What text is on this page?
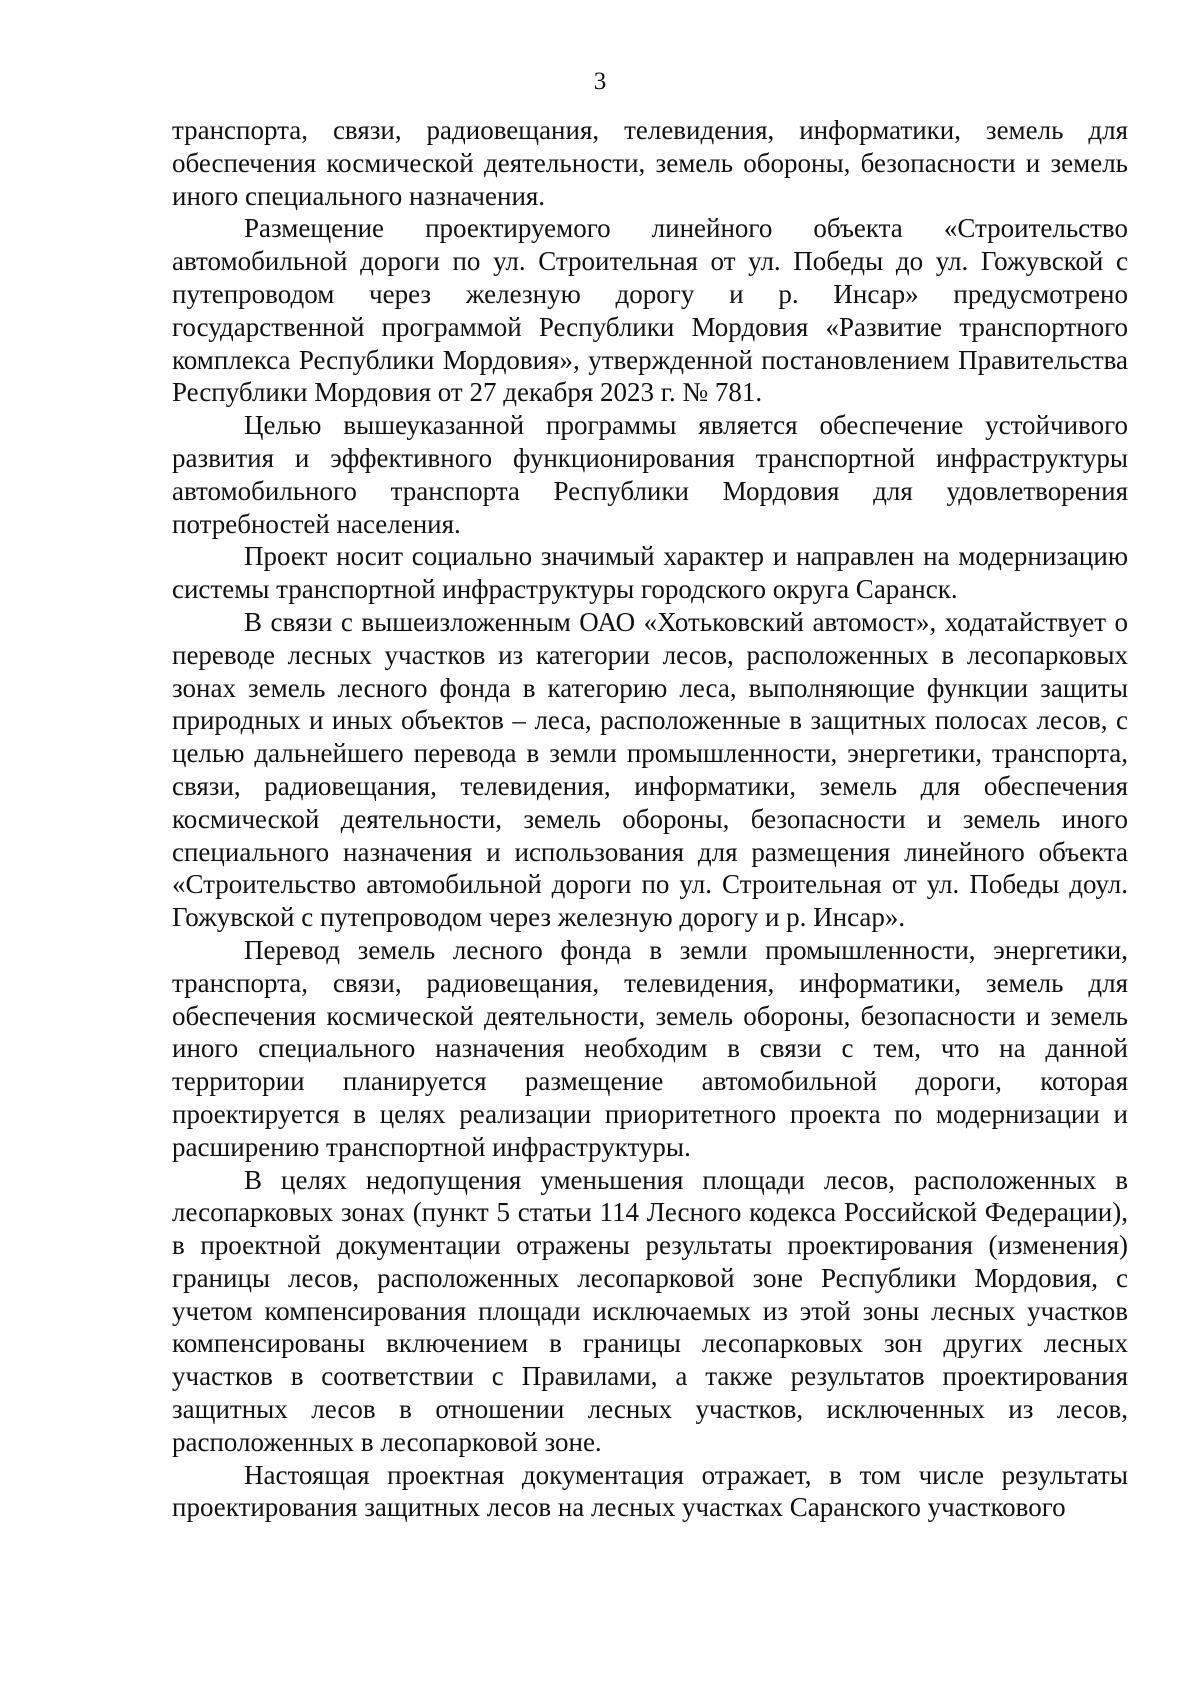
3

транспорта, связи, радиовещания, телевидения, информатики, земель для обеспечения космической деятельности, земель обороны, безопасности и земель иного специального назначения.

Размещение проектируемого линейного объекта «Строительство автомобильной дороги по ул. Строительная от ул. Победы до ул. Гожувской с путепроводом через железную дорогу и р. Инсар» предусмотрено государственной программой Республики Мордовия «Развитие транспортного комплекса Республики Мордовия», утвержденной постановлением Правительства Республики Мордовия от 27 декабря 2023 г. № 781.

Целью вышеуказанной программы является обеспечение устойчивого развития и эффективного функционирования транспортной инфраструктуры автомобильного транспорта Республики Мордовия для удовлетворения потребностей населения.

Проект носит социально значимый характер и направлен на модернизацию системы транспортной инфраструктуры городского округа Саранск.

В связи с вышеизложенным ОАО «Хотьковский автомост», ходатайствует о переводе лесных участков из категории лесов, расположенных в лесопарковых зонах земель лесного фонда в категорию леса, выполняющие функции защиты природных и иных объектов – леса, расположенные в защитных полосах лесов, с целью дальнейшего перевода в земли промышленности, энергетики, транспорта, связи, радиовещания, телевидения, информатики, земель для обеспечения космической деятельности, земель обороны, безопасности и земель иного специального назначения и использования для размещения линейного объекта «Строительство автомобильной дороги по ул. Строительная от ул. Победы доул. Гожувской с путепроводом через железную дорогу и р. Инсар».

Перевод земель лесного фонда в земли промышленности, энергетики, транспорта, связи, радиовещания, телевидения, информатики, земель для обеспечения космической деятельности, земель обороны, безопасности и земель иного специального назначения необходим в связи с тем, что на данной территории планируется размещение автомобильной дороги, которая проектируется в целях реализации приоритетного проекта по модернизации и расширению транспортной инфраструктуры.

В целях недопущения уменьшения площади лесов, расположенных в лесопарковых зонах (пункт 5 статьи 114 Лесного кодекса Российской Федерации), в проектной документации отражены результаты проектирования (изменения) границы лесов, расположенных лесопарковой зоне Республики Мордовия, с учетом компенсирования площади исключаемых из этой зоны лесных участков компенсированы включением в границы лесопарковых зон других лесных участков в соответствии с Правилами, а также результатов проектирования защитных лесов в отношении лесных участков, исключенных из лесов, расположенных в лесопарковой зоне.

Настоящая проектная документация отражает, в том числе результаты проектирования защитных лесов на лесных участках Саранского участкового
